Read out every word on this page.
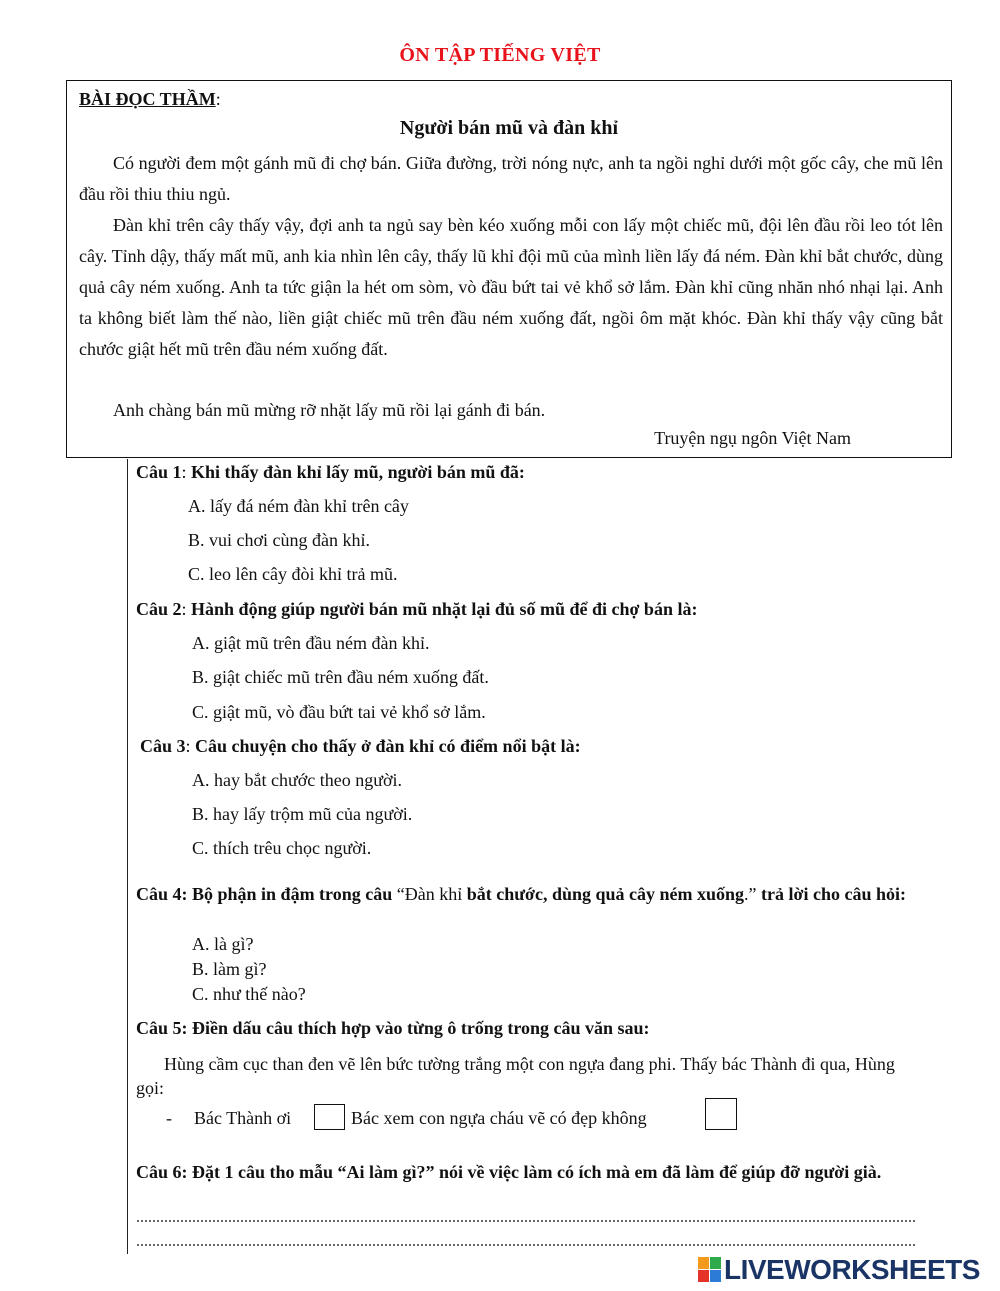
ÔN TẬP TIẾNG VIỆT
BÀI ĐỌC THẦM:
Người bán mũ và đàn khỉ
Có người đem một gánh mũ đi chợ bán. Giữa đường, trời nóng nực, anh ta ngồi nghỉ dưới một gốc cây, che mũ lên đầu rồi thiu thiu ngủ.
Đàn khỉ trên cây thấy vậy, đợi anh ta ngủ say bèn kéo xuống mỗi con lấy một chiếc mũ, đội lên đầu rồi leo tót lên cây. Tỉnh dậy, thấy mất mũ, anh kia nhìn lên cây, thấy lũ khỉ đội mũ của mình liền lấy đá ném. Đàn khỉ bắt chước, dùng quả cây ném xuống. Anh ta tức giận la hét om sòm, vò đầu bứt tai vẻ khổ sở lắm. Đàn khỉ cũng nhăn nhó nhại lại. Anh ta không biết làm thế nào, liền giật chiếc mũ trên đầu ném xuống đất, ngồi ôm mặt khóc. Đàn khỉ thấy vậy cũng bắt chước giật hết mũ trên đầu ném xuống đất.
Anh chàng bán mũ mừng rỡ nhặt lấy mũ rồi lại gánh đi bán.
Truyện ngụ ngôn Việt Nam
Câu 1: Khi thấy đàn khỉ lấy mũ, người bán mũ đã:
A. lấy đá ném đàn khỉ trên cây
B. vui chơi cùng đàn khỉ.
C. leo lên cây đòi khỉ trả mũ.
Câu 2: Hành động giúp người bán mũ nhặt lại đủ số mũ để đi chợ bán là:
A. giật mũ trên đầu ném đàn khỉ.
B. giật chiếc mũ trên đầu ném xuống đất.
C. giật mũ, vò đầu bứt tai vẻ khổ sở lắm.
Câu 3: Câu chuyện cho thấy ở đàn khỉ có điểm nổi bật là:
A. hay bắt chước theo người.
B. hay lấy trộm mũ của người.
C. thích trêu chọc người.
Câu 4: Bộ phận in đậm trong câu “Đàn khỉ bắt chước, dùng quả cây ném xuống.” trả lời cho câu hỏi:
A. là gì?
B. làm gì?
C. như thế nào?
Câu 5: Điền dấu câu thích hợp vào từng ô trống trong câu văn sau:
Hùng cầm cục than đen vẽ lên bức tường trắng một con ngựa đang phi. Thấy bác Thành đi qua, Hùng gọi:
- Bác Thành ơi	Bác xem con ngựa cháu vẽ có đẹp không
Câu 6: Đặt 1 câu tho mẫu “Ai làm gì?” nói về việc làm có ích mà em đã làm để giúp đỡ người già.
LIVEWORKSHEETS
